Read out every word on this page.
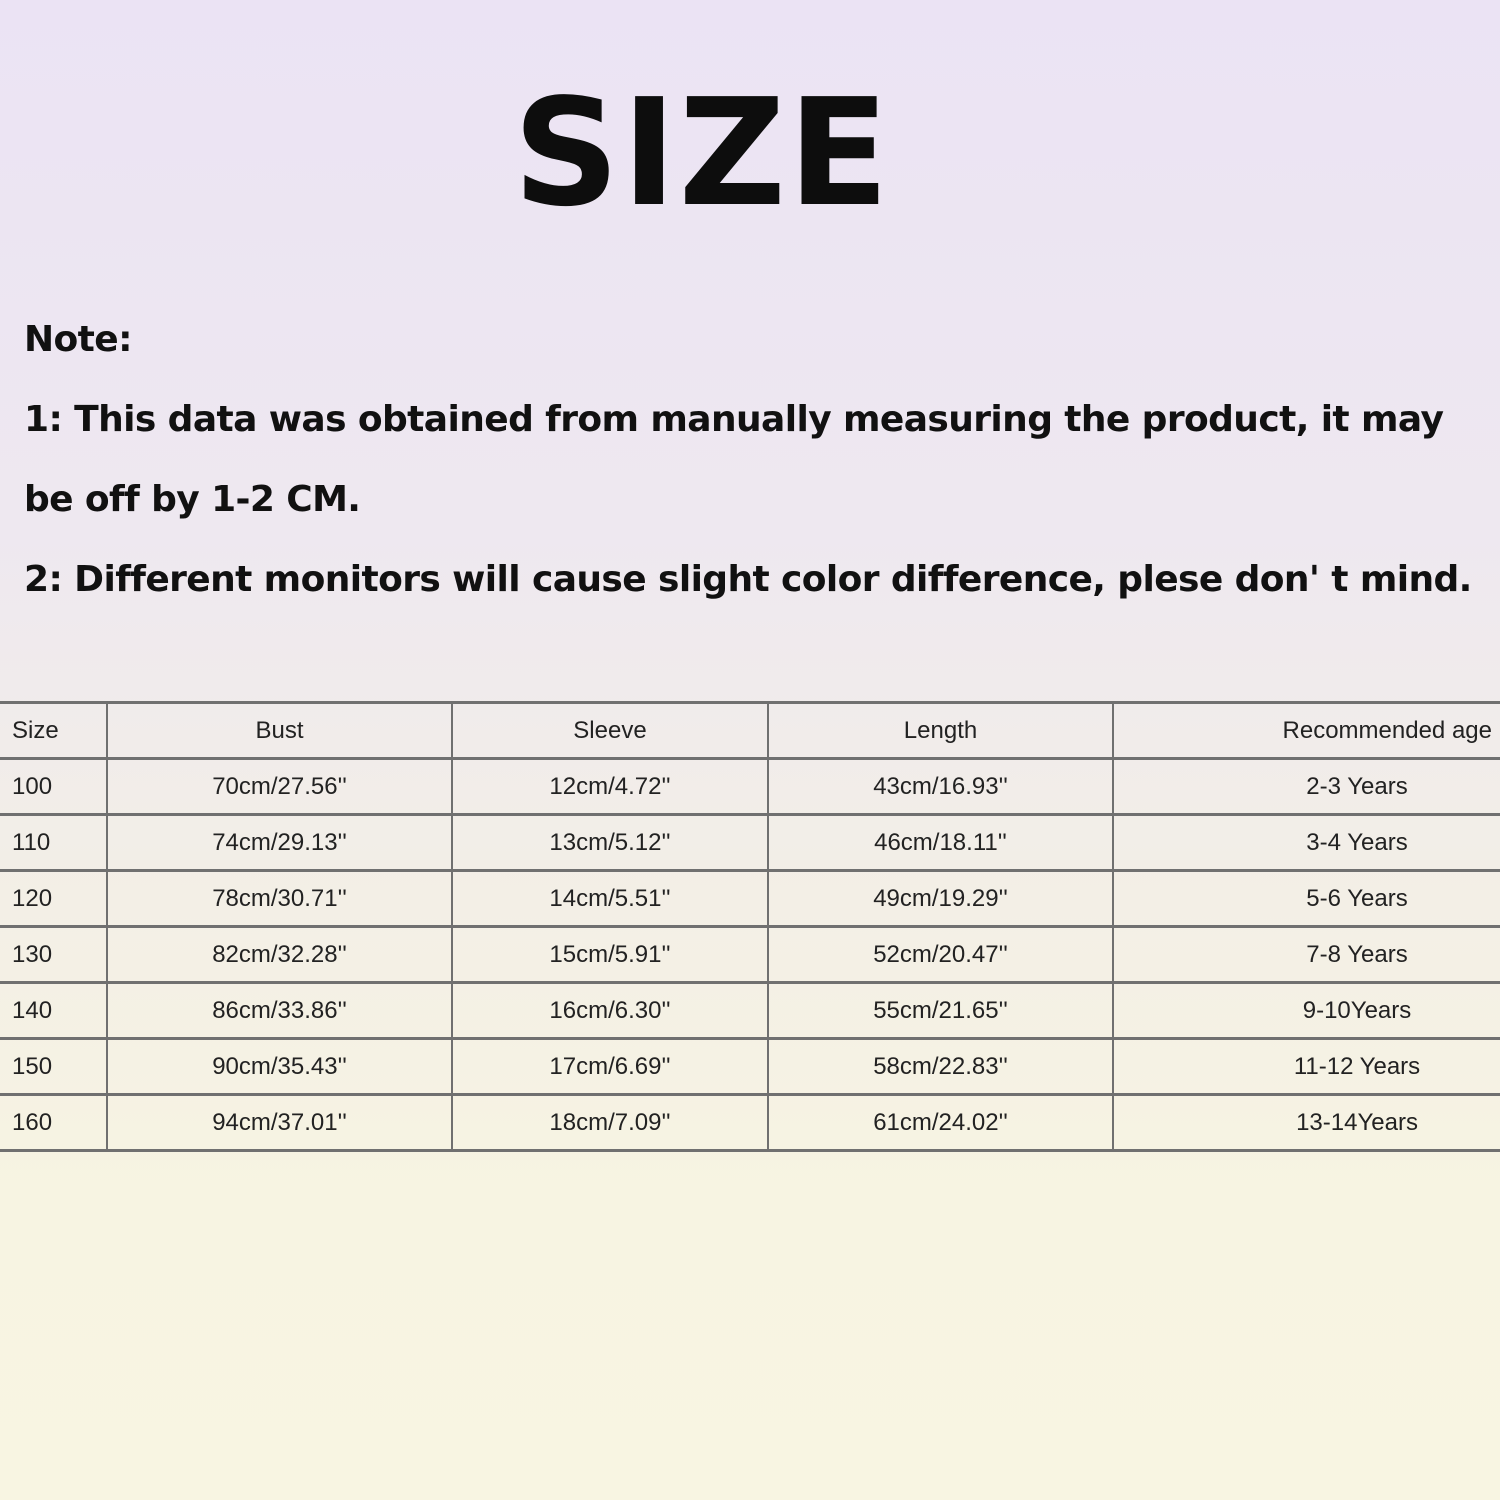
SIZE
Note:
1: This data was obtained from manually measuring the product, it may
be off by 1-2 CM.
2: Different monitors will cause slight color difference, plese don' t mind.
Size	Bust	Sleeve	Length	Recommended age
100	70cm/27.56''	12cm/4.72''	43cm/16.93''	2-3 Years
110	74cm/29.13''	13cm/5.12''	46cm/18.11''	3-4 Years
120	78cm/30.71''	14cm/5.51''	49cm/19.29''	5-6 Years
130	82cm/32.28''	15cm/5.91''	52cm/20.47''	7-8 Years
140	86cm/33.86''	16cm/6.30''	55cm/21.65''	9-10Years
150	90cm/35.43''	17cm/6.69''	58cm/22.83''	11-12 Years
160	94cm/37.01''	18cm/7.09''	61cm/24.02''	13-14Years
